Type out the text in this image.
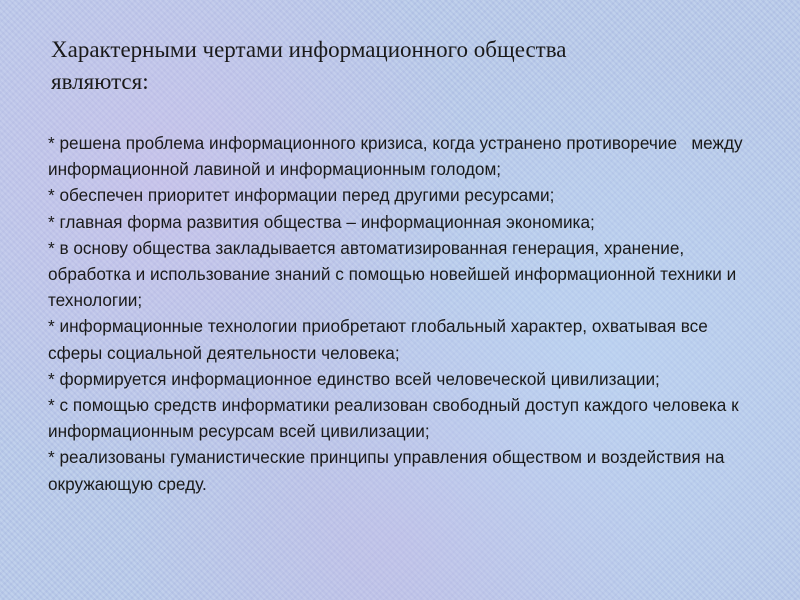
Характерными чертами информационного общества
являются:
* решена проблема информационного кризиса, когда устранено противоречие   между информационной лавиной и информационным голодом;
* обеспечен приоритет информации перед другими ресурсами;
* главная форма развития общества – информационная экономика;
* в основу общества закладывается автоматизированная генерация, хранение, обработка и использование знаний с помощью новейшей информационной техники и технологии;
* информационные технологии приобретают глобальный характер, охватывая все сферы социальной деятельности человека;
* формируется информационное единство всей человеческой цивилизации;
* с помощью средств информатики реализован свободный доступ каждого человека к информационным ресурсам всей цивилизации;
* реализованы гуманистические принципы управления обществом и воздействия на окружающую среду.
